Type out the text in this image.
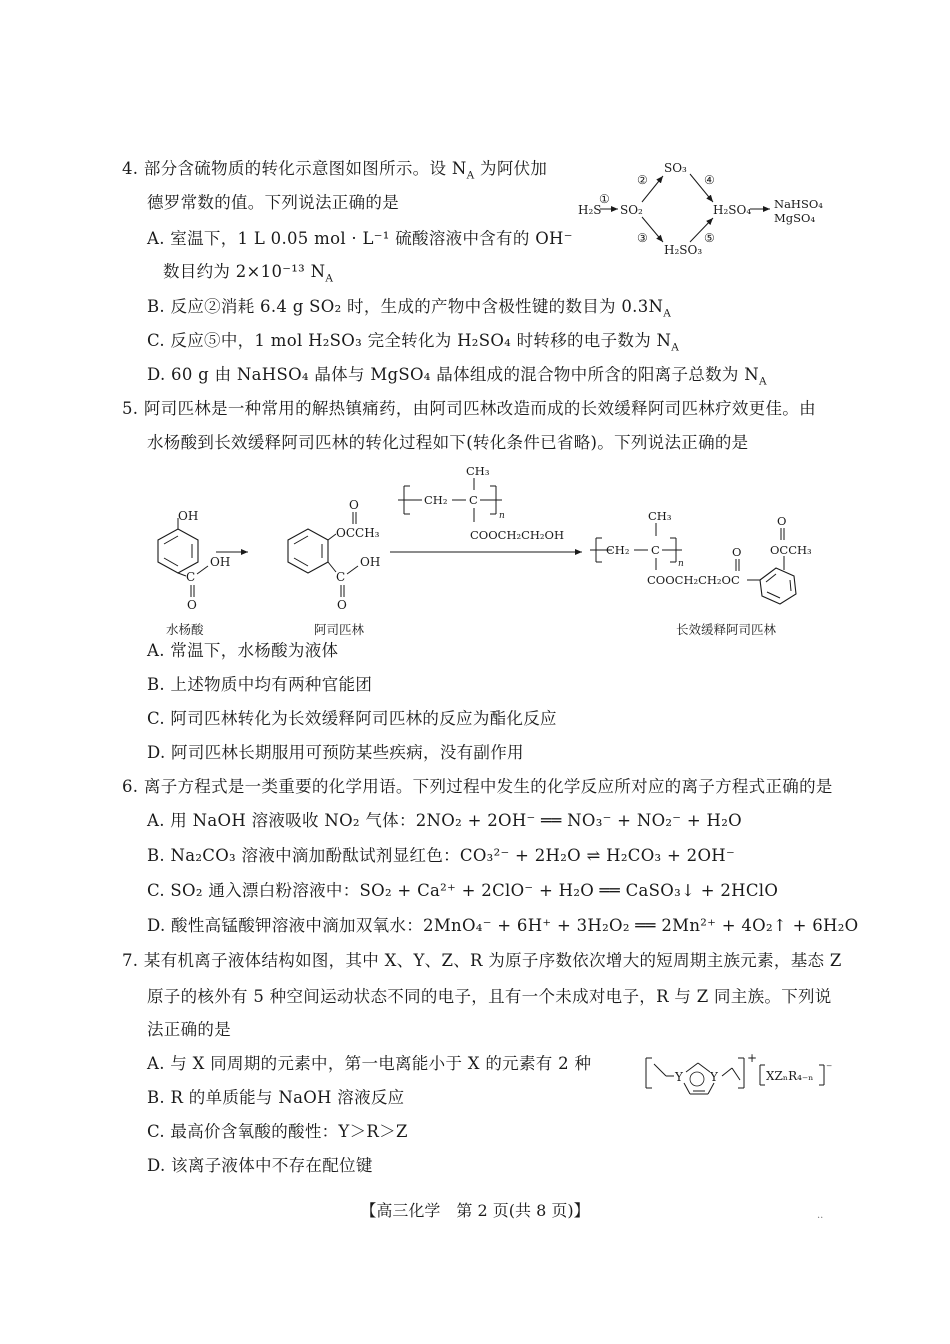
4. 部分含硫物质的转化示意图如图所示。设 $N_A$ 为阿伏加
德罗常数的值。下列说法正确的是	H₂S
①
SO₂
SO₃
②	④
H₂SO₄ NaHSO₄
MgSO₄
③
H₂SO₃
⑤
A. 室温下，1 L 0.05 mol · L⁻¹ 硫酸溶液中含有的 OH⁻
数目约为 2×10⁻¹³ $N_A$
B. 反应②消耗 6.4 g SO₂ 时，生成的产物中含极性键的数目为 $0.3N_A$
C. 反应⑤中，1 mol H₂SO₃ 完全转化为 H₂SO₄ 时转移的电子数为 $N_A$
D. 60 g 由 NaHSO₄ 晶体与 MgSO₄ 晶体组成的混合物中所含的阳离子总数为 $N_A$
5. 阿司匹林是一种常用的解热镇痛药，由阿司匹林改造而成的长效缓释阿司匹林疗效更佳。由
水杨酸到长效缓释阿司匹林的转化过程如下(转化条件已省略)。下列说法正确的是
OH
C
OH
O
OCCH₃
O
C
OH
O
CH₃
CH₂ C
n
COOCH₂CH₂OH
CH₃
CH₂ C
n
COOCH₂CH₂OC
O OCCH₃
O
水杨酸	阿司匹林	长效缓释阿司匹林
A. 常温下，水杨酸为液体
B. 上述物质中均有两种官能团
C. 阿司匹林转化为长效缓释阿司匹林的反应为酯化反应
D. 阿司匹林长期服用可预防某些疾病，没有副作用
6. 离子方程式是一类重要的化学用语。下列过程中发生的化学反应所对应的离子方程式正确的是
A. 用 NaOH 溶液吸收 NO₂ 气体：2NO₂ + 2OH⁻ ══ NO₃⁻ + NO₂⁻ + H₂O
B. Na₂CO₃ 溶液中滴加酚酞试剂显红色：CO₃²⁻ + 2H₂O ⇌ H₂CO₃ + 2OH⁻
C. SO₂ 通入漂白粉溶液中：SO₂ + Ca²⁺ + 2ClO⁻ + H₂O ══ CaSO₃↓ + 2HClO
D. 酸性高锰酸钾溶液中滴加双氧水：2MnO₄⁻ + 6H⁺ + 3H₂O₂ ══ 2Mn²⁺ + 4O₂↑ + 6H₂O
7. 某有机离子液体结构如图，其中 X、Y、Z、R 为原子序数依次增大的短周期主族元素，基态 Z
原子的核外有 5 种空间运动状态不同的电子，且有一个未成对电子，R 与 Z 同主族。下列说
法正确的是
A. 与 X 同周期的元素中，第一电离能小于 X 的元素有 2 种
B. R 的单质能与 NaOH 溶液反应
C. 最高价含氧酸的酸性：Y＞R＞Z
D. 该离子液体中不存在配位键
Y Y
+
XZₙR₄₋ₙ
⁻
【高三化学　第 2 页(共 8 页)】	..
